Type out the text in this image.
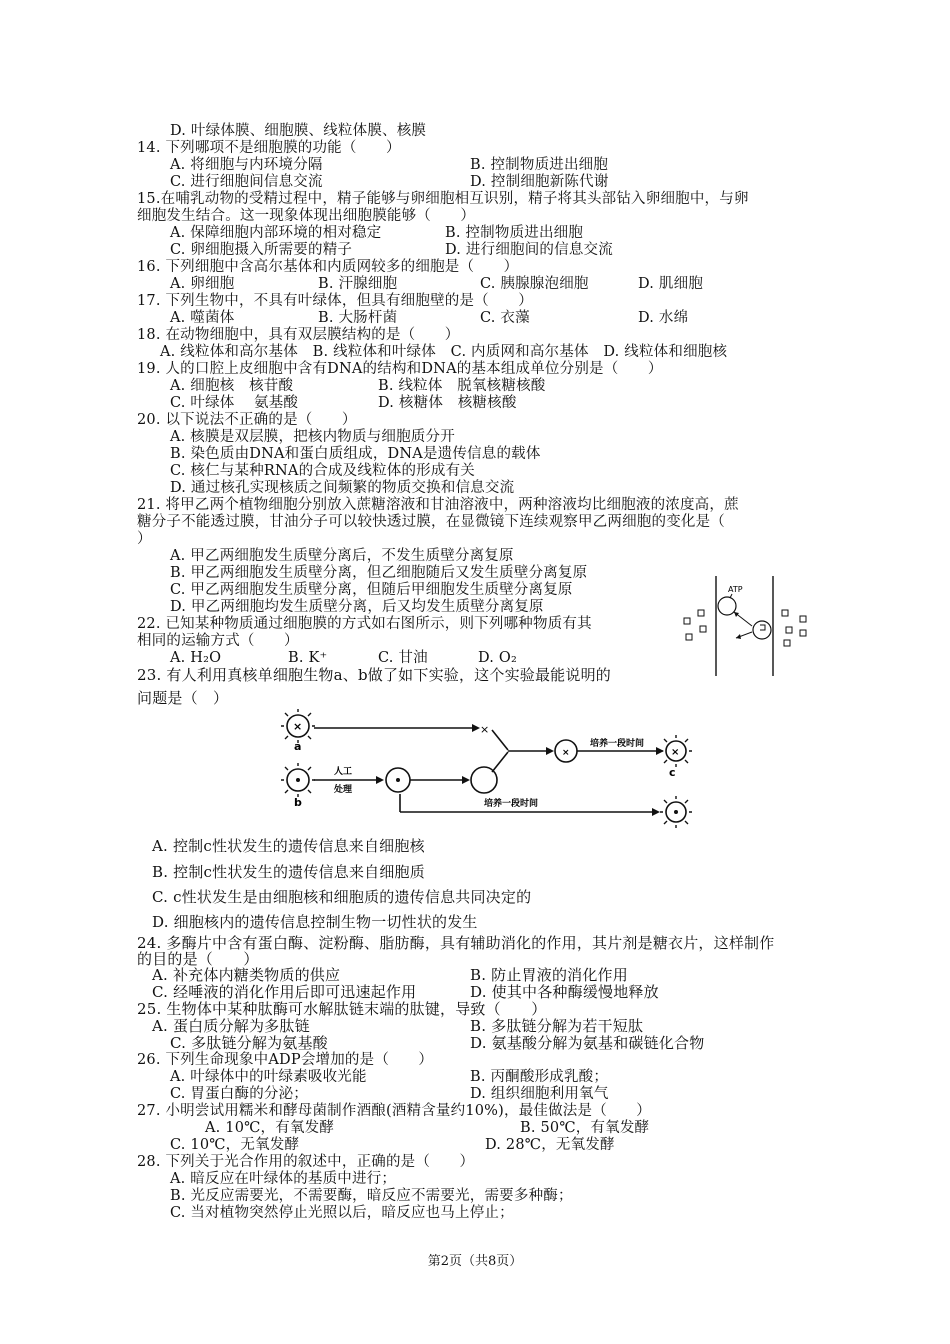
D. 叶绿体膜、细胞膜、线粒体膜、核膜
14. 下列哪项不是细胞膜的功能（　　）
A. 将细胞与内环境分隔	B. 控制物质进出细胞
C. 进行细胞间信息交流	D. 控制细胞新陈代谢
15.在哺乳动物的受精过程中，精子能够与卵细胞相互识别，精子将其头部钻入卵细胞中，与卵
细胞发生结合。这一现象体现出细胞膜能够（　　）
A. 保障细胞内部环境的相对稳定	B. 控制物质进出细胞
C. 卵细胞摄入所需要的精子	D. 进行细胞间的信息交流
16. 下列细胞中含高尔基体和内质网较多的细胞是（　　）
A. 卵细胞	B. 汗腺细胞	C. 胰腺腺泡细胞	D. 肌细胞
17. 下列生物中，不具有叶绿体，但具有细胞壁的是（　　）
A. 噬菌体	B. 大肠杆菌	C. 衣藻	D. 水绵
18. 在动物细胞中，具有双层膜结构的是（　　）
A. 线粒体和高尔基体　B. 线粒体和叶绿体　C. 内质网和高尔基体　D. 线粒体和细胞核
19. 人的口腔上皮细胞中含有DNA的结构和DNA的基本组成单位分别是（　　）
A. 细胞核　核苷酸	B. 线粒体　脱氧核糖核酸
C. 叶绿体　 氨基酸	D. 核糖体　核糖核酸
20. 以下说法不正确的是（　　）
A. 核膜是双层膜，把核内物质与细胞质分开
B. 染色质由DNA和蛋白质组成，DNA是遗传信息的载体
C. 核仁与某种RNA的合成及线粒体的形成有关
D. 通过核孔实现核质之间频繁的物质交换和信息交流
21. 将甲乙两个植物细胞分别放入蔗糖溶液和甘油溶液中，两种溶液均比细胞液的浓度高，蔗
糖分子不能透过膜，甘油分子可以较快透过膜，在显微镜下连续观察甲乙两细胞的变化是（
）
A. 甲乙两细胞发生质壁分离后，不发生质壁分离复原
B. 甲乙两细胞发生质壁分离，但乙细胞随后又发生质壁分离复原
C. 甲乙两细胞发生质壁分离，但随后甲细胞发生质壁分离复原
D. 甲乙两细胞均发生质壁分离，后又均发生质壁分离复原
22. 已知某种物质通过细胞膜的方式如右图所示，则下列哪种物质有其
相同的运输方式（　　）
A. H₂O	B. K⁺	C. 甘油	D. O₂
ATP
23. 有人利用真核单细胞生物a、b做了如下实验，这个实验最能说明的
问题是（　）
×
a
×
×
培养一段时间
×
c
b
人工
处理
培养一段时间
A. 控制c性状发生的遗传信息来自细胞核
B. 控制c性状发生的遗传信息来自细胞质
C. c性状发生是由细胞核和细胞质的遗传信息共同决定的
D. 细胞核内的遗传信息控制生物一切性状的发生
24. 多酶片中含有蛋白酶、淀粉酶、脂肪酶，具有辅助消化的作用，其片剂是糖衣片，这样制作
的目的是（　　）
A. 补充体内糖类物质的供应	B. 防止胃液的消化作用
C. 经唾液的消化作用后即可迅速起作用	D. 使其中各种酶缓慢地释放
25. 生物体中某种肽酶可水解肽链末端的肽键，导致（　　）
A. 蛋白质分解为多肽链	B. 多肽链分解为若干短肽
C. 多肽链分解为氨基酸	D. 氨基酸分解为氨基和碳链化合物
26. 下列生命现象中ADP会增加的是（　　）
A. 叶绿体中的叶绿素吸收光能	B. 丙酮酸形成乳酸；
C. 胃蛋白酶的分泌；	D. 组织细胞利用氧气
27. 小明尝试用糯米和酵母菌制作酒酿(酒精含量约10%)，最佳做法是（　　）
A. 10℃，有氧发酵	B. 50℃，有氧发酵
C. 10℃，无氧发酵	D. 28℃，无氧发酵
28. 下列关于光合作用的叙述中，正确的是（　　）
A. 暗反应在叶绿体的基质中进行；
B. 光反应需要光，不需要酶，暗反应不需要光，需要多种酶；
C. 当对植物突然停止光照以后，暗反应也马上停止；
第2页（共8页）
